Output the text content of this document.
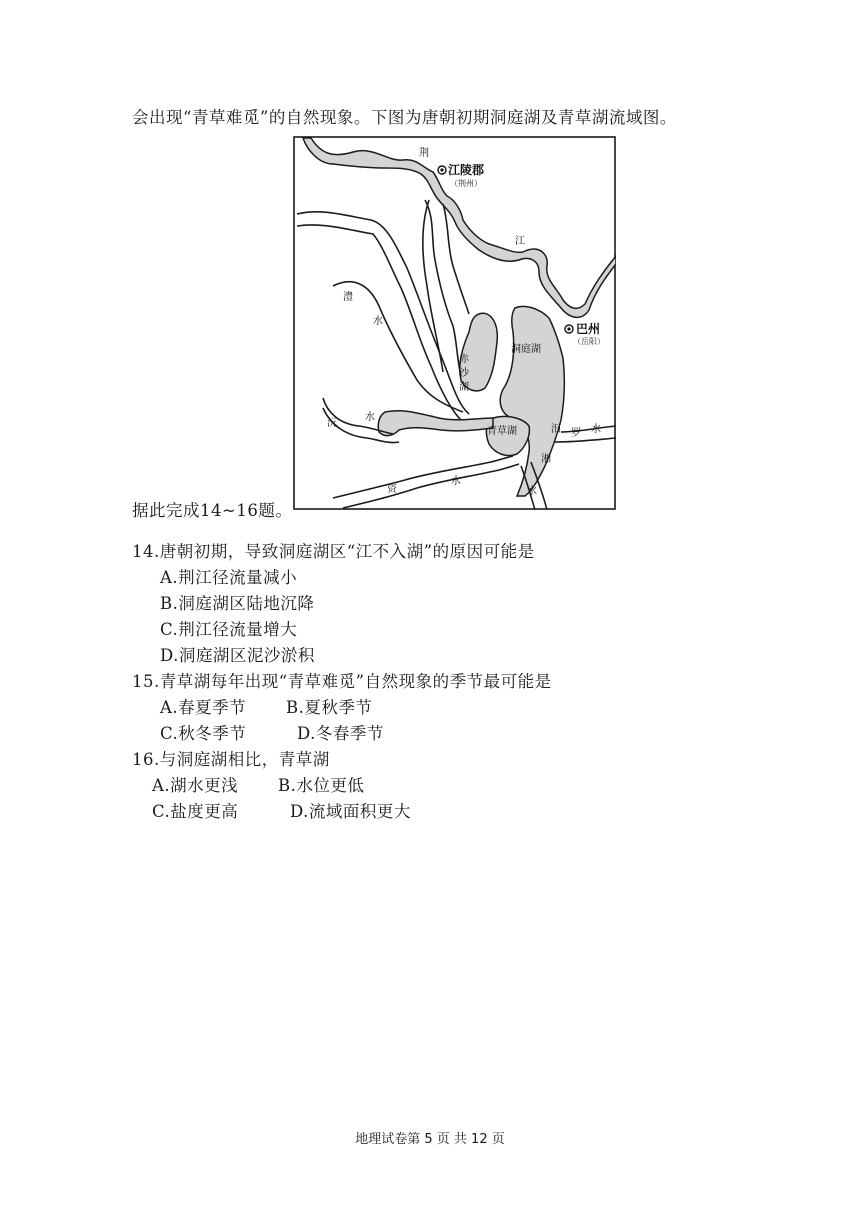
会出现“青草难觅”的自然现象。下图为唐朝初期洞庭湖及青草湖流域图。
荆
江陵郡
（荆州）
江
澧
水
赤
沙
湖
洞庭湖
巴州
（岳阳）
沅
水
青草湖	汨 罗 水
湘
水
资
水
据此完成14~16题。
14.唐朝初期，导致洞庭湖区“江不入湖”的原因可能是
A.荆江径流量减小
B.洞庭湖区陆地沉降
C.荆江径流量增大
D.洞庭湖区泥沙淤积
15.青草湖每年出现“青草难觅”自然现象的季节最可能是
A.春夏季节 B.夏秋季节
C.秋冬季节	D.冬春季节
16.与洞庭湖相比，青草湖
A.湖水更浅 B.水位更低
C.盐度更高	D.流域面积更大
地理试卷第 5 页 共 12 页
